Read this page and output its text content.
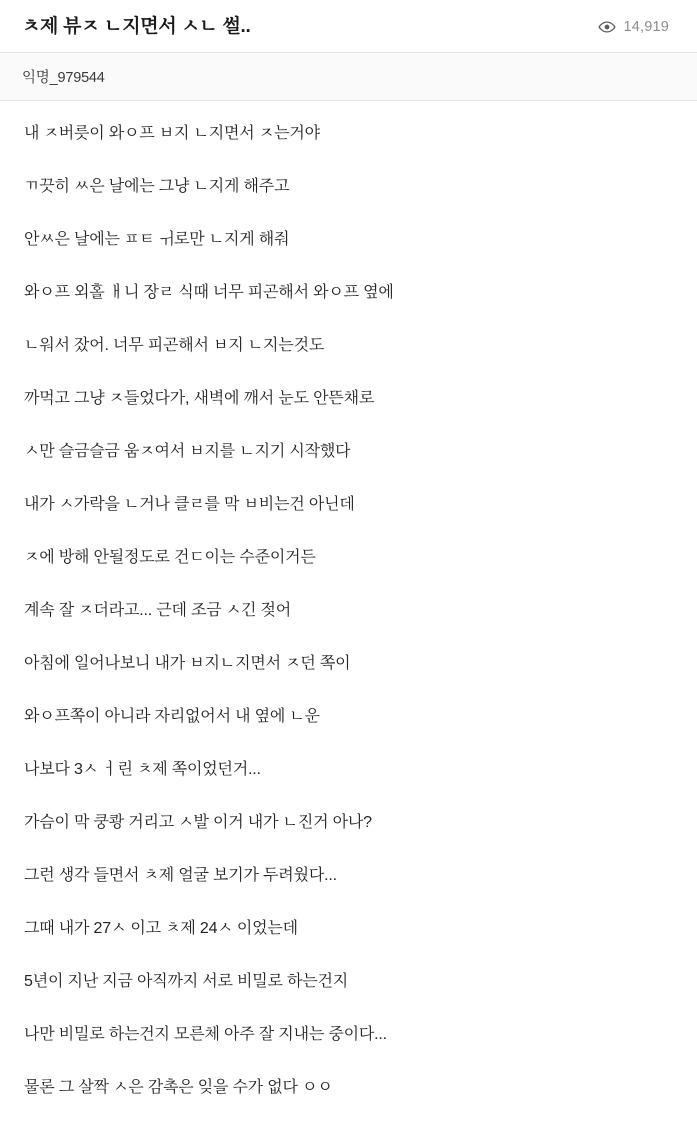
ㅊ제 뷰ㅈ ㄴ지면서 ㅅㄴ 썰..	14,919
익명_979544

내 ㅈ버릇이 와ㅇ프 ㅂ지 ㄴ지면서 ㅈ는거야

ㄲ끗히 ㅆ은 날에는 그냥 ㄴ지게 해주고

안ㅆ은 날에는 ㅍㅌ ㅟ로만 ㄴ지게 해줘

와ㅇ프 외홀 ㅐ니 장ㄹ 식때 너무 피곤해서 와ㅇ프 옆에

ㄴ워서 잤어. 너무 피곤해서 ㅂ지 ㄴ지는것도

까먹고 그냥 ㅈ들었다가, 새벽에 깨서 눈도 안뜬채로

ㅅ만 슬금슬금 움ㅈ여서 ㅂ지를 ㄴ지기 시작했다

내가 ㅅ가락을 ㄴ거나 클ㄹ를 막 ㅂ비는건 아닌데

ㅈ에 방해 안될정도로 건ㄷ이는 수준이거든

계속 잘 ㅈ더라고... 근데 조금 ㅅ긴 젖어

아침에 일어나보니 내가 ㅂ지ㄴ지면서 ㅈ던 쪽이

와ㅇ프쪽이 아니라 자리없어서 내 옆에 ㄴ운

나보다 3ㅅ ㅓ린 ㅊ제 쪽이었던거...

가슴이 막 쿵쾅 거리고 ㅅ발 이거 내가 ㄴ진거 아나?

그런 생각 들면서 ㅊ제 얼굴 보기가 두려웠다...

그때 내가 27ㅅ 이고 ㅊ제 24ㅅ 이었는데

5년이 지난 지금 아직까지 서로 비밀로 하는건지

나만 비밀로 하는건지 모른체 아주 잘 지내는 중이다...

물론 그 살짝 ㅅ은 감촉은 잊을 수가 없다 ㅇㅇ
